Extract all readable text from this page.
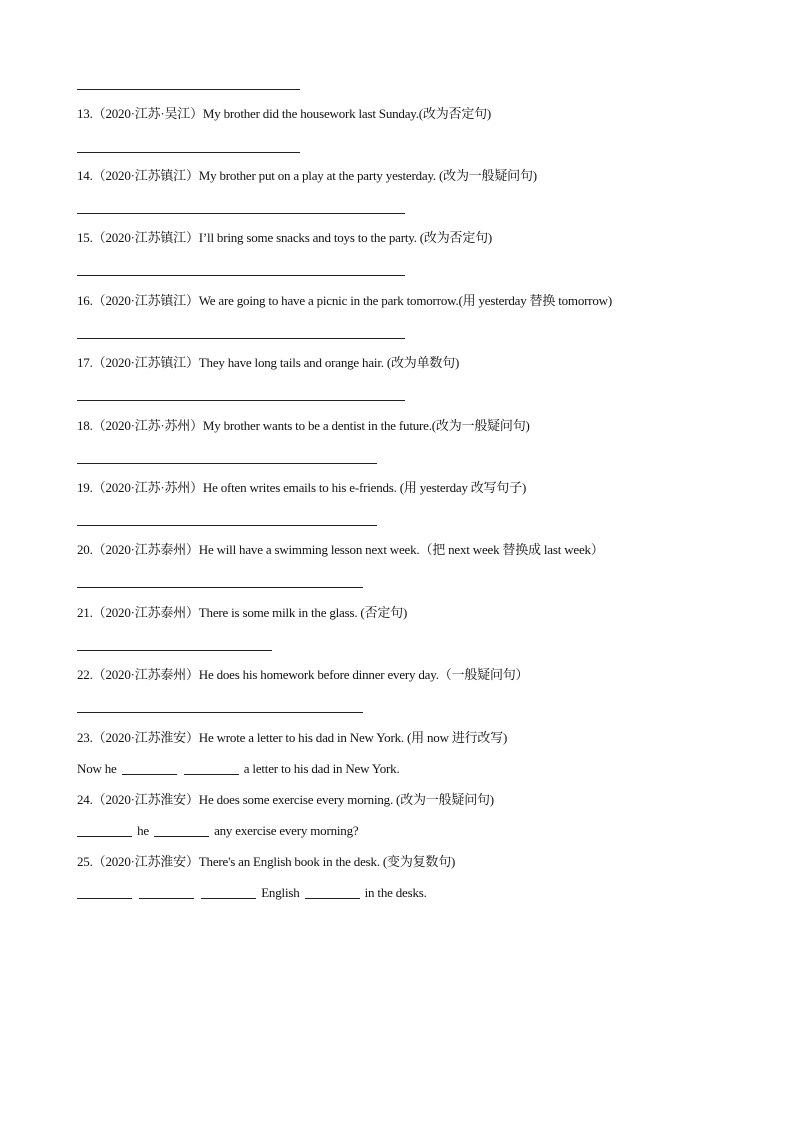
13.（2020·江苏·吴江）My brother did the housework last Sunday.(改为否定句)
14.（2020·江苏镇江）My brother put on a play at the party yesterday. (改为一般疑问句)
15.（2020·江苏镇江）I’ll bring some snacks and toys to the party. (改为否定句)
16.（2020·江苏镇江）We are going to have a picnic in the park tomorrow.(用 yesterday 替换 tomorrow)
17.（2020·江苏镇江）They have long tails and orange hair. (改为单数句)
18.（2020·江苏·苏州）My brother wants to be a dentist in the future.(改为一般疑问句)
19.（2020·江苏·苏州）He often writes emails to his e-friends. (用 yesterday 改写句子)
20.（2020·江苏泰州）He will have a swimming lesson next week.（把 next week 替换成 last week）
21.（2020·江苏泰州）There is some milk in the glass. (否定句)
22.（2020·江苏泰州）He does his homework before dinner every day.（一般疑问句）
23.（2020·江苏淮安）He wrote a letter to his dad in New York. (用 now 进行改写)
Now he	a letter to his dad in New York.
24.（2020·江苏淮安）He does some exercise every morning. (改为一般疑问句)
he	any exercise every morning?
25.（2020·江苏淮安）There's an English book in the desk. (变为复数句)
English	in the desks.
